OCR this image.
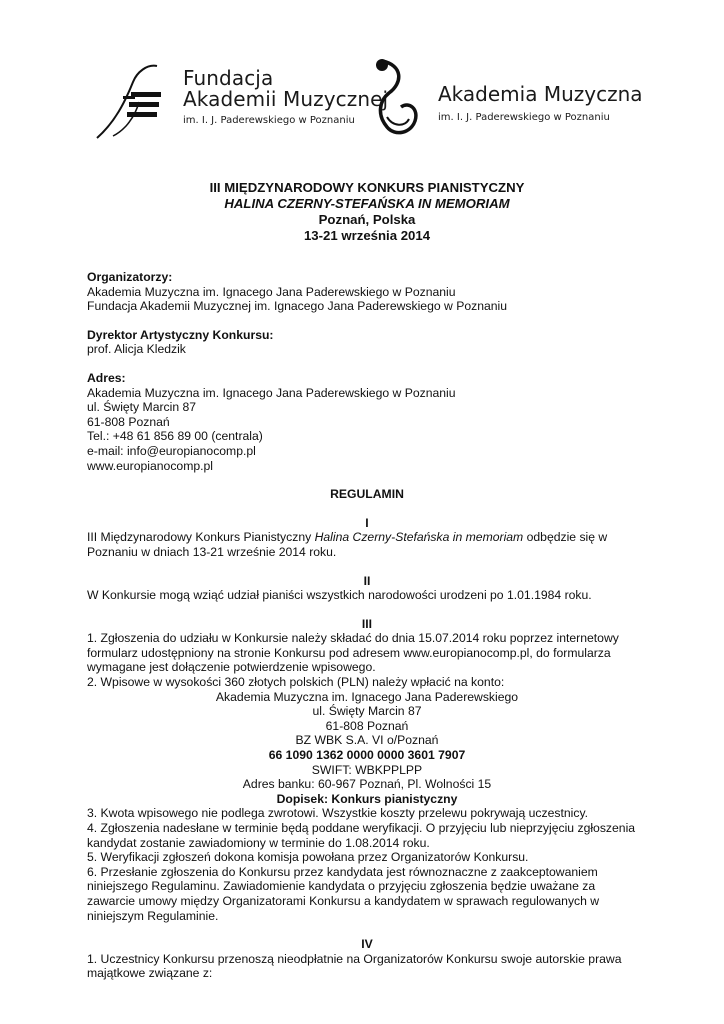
Fundacja
Akademii Muzycznej
im. I. J. Paderewskiego w Poznaniu
Akademia Muzyczna
im. I. J. Paderewskiego w Poznaniu
III MIĘDZYNARODOWY KONKURS PIANISTYCZNY
HALINA CZERNY-STEFAŃSKA IN MEMORIAM
Poznań, Polska
13-21 września 2014
Organizatorzy:
Akademia Muzyczna im. Ignacego Jana Paderewskiego w Poznaniu
Fundacja Akademii Muzycznej im. Ignacego Jana Paderewskiego w Poznaniu
Dyrektor Artystyczny Konkursu:
prof. Alicja Kledzik
Adres:
Akademia Muzyczna im. Ignacego Jana Paderewskiego w Poznaniu
ul. Święty Marcin 87
61-808 Poznań
Tel.: +48 61 856 89 00 (centrala)
e-mail: info@europianocomp.pl
www.europianocomp.pl
REGULAMIN
I

III Międzynarodowy Konkurs Pianistyczny Halina Czerny-Stefańska in memoriam odbędzie się w

Poznaniu w dniach 13-21 wrześnie 2014 roku.

II

W Konkursie mogą wziąć udział pianiści wszystkich narodowości urodzeni po 1.01.1984 roku.

III

1. Zgłoszenia do udziału w Konkursie należy składać do dnia 15.07.2014 roku poprzez internetowy

formularz udostępniony na stronie Konkursu pod adresem www.europianocomp.pl, do formularza

wymagane jest dołączenie potwierdzenie wpisowego.

2. Wpisowe w wysokości 360 złotych polskich (PLN) należy wpłacić na konto:

Akademia Muzyczna im. Ignacego Jana Paderewskiego
ul. Święty Marcin 87
61-808 Poznań
BZ WBK S.A. VI o/Poznań
66 1090 1362 0000 0000 3601 7907
SWIFT: WBKPPLPP
Adres banku: 60-967 Poznań, Pl. Wolności 15
Dopisek: Konkurs pianistyczny

3. Kwota wpisowego nie podlega zwrotowi. Wszystkie koszty przelewu pokrywają uczestnicy.

4. Zgłoszenia nadesłane w terminie będą poddane weryfikacji. O przyjęciu lub nieprzyjęciu zgłoszenia

kandydat zostanie zawiadomiony w terminie do 1.08.2014 roku.

5. Weryfikacji zgłoszeń dokona komisja powołana przez Organizatorów Konkursu.

6. Przesłanie zgłoszenia do Konkursu przez kandydata jest równoznaczne z zaakceptowaniem

niniejszego Regulaminu. Zawiadomienie kandydata o przyjęciu zgłoszenia będzie uważane za

zawarcie umowy między Organizatorami Konkursu a kandydatem w sprawach regulowanych w

niniejszym Regulaminie.

IV

1. Uczestnicy Konkursu przenoszą nieodpłatnie na Organizatorów Konkursu swoje autorskie prawa

majątkowe związane z:
